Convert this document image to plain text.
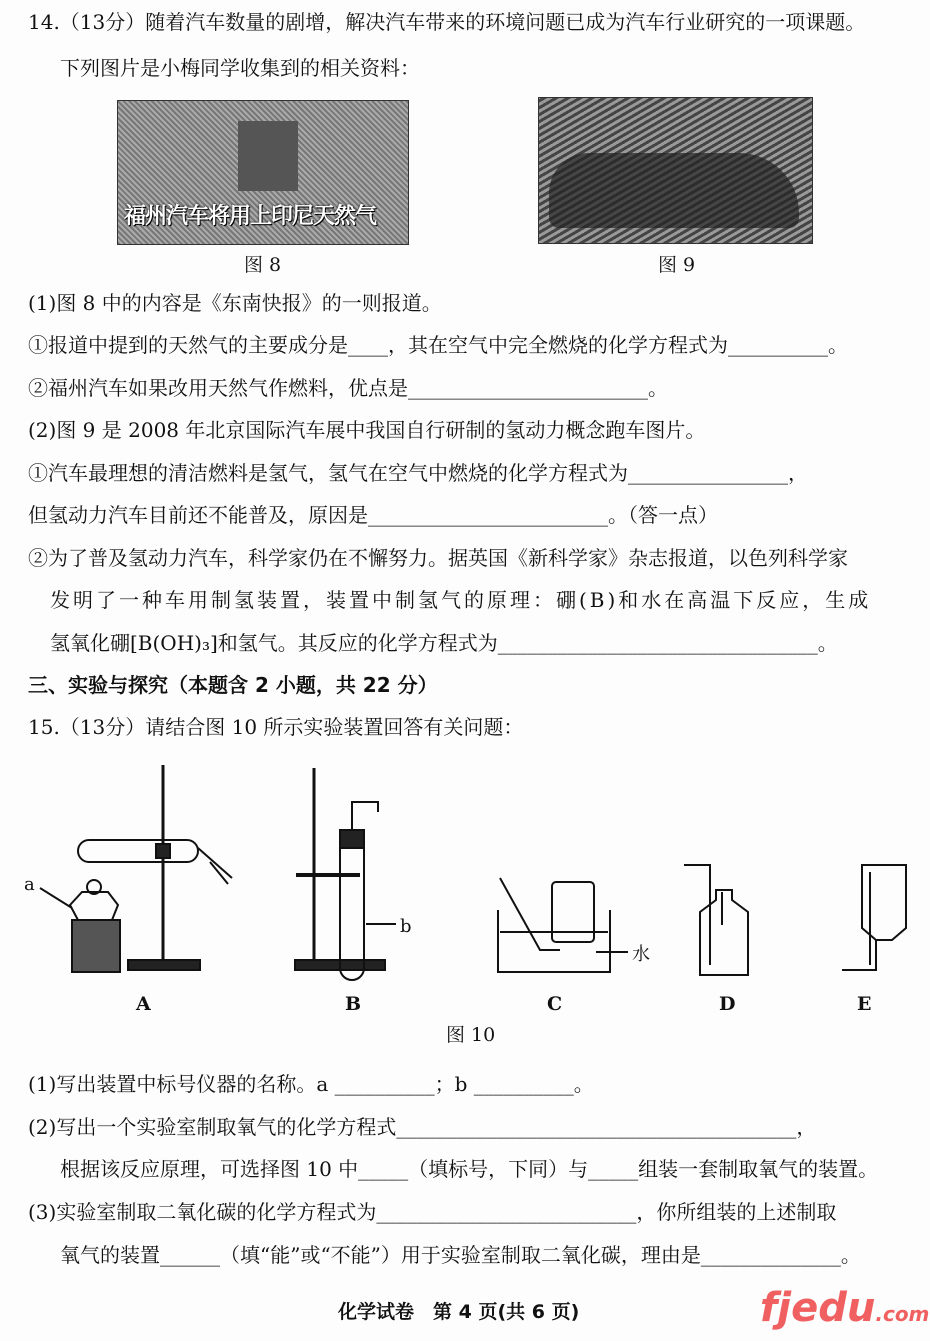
14.（13分）随着汽车数量的剧增，解决汽车带来的环境问题已成为汽车行业研究的一项课题。
下列图片是小梅同学收集到的相关资料：
福州汽车将用上印尼天然气
图 8	图 9
(1)图 8 中的内容是《东南快报》的一则报道。
①报道中提到的天然气的主要成分是____，其在空气中完全燃烧的化学方程式为__________。
②福州汽车如果改用天然气作燃料，优点是________________________。
(2)图 9 是 2008 年北京国际汽车展中我国自行研制的氢动力概念跑车图片。
①汽车最理想的清洁燃料是氢气，氢气在空气中燃烧的化学方程式为________________，
但氢动力汽车目前还不能普及，原因是________________________。（答一点）
②为了普及氢动力汽车，科学家仍在不懈努力。据英国《新科学家》杂志报道，以色列科学家
发明了一种车用制氢装置，装置中制氢气的原理：硼(B)和水在高温下反应，生成
氢氧化硼[B(OH)₃]和氢气。其反应的化学方程式为________________________________。
三、实验与探究（本题含 2 小题，共 22 分）
15.（13分）请结合图 10 所示实验装置回答有关问题：
a
b
水
A	B	C	D	E
图 10
(1)写出装置中标号仪器的名称。a __________；b __________。
(2)写出一个实验室制取氧气的化学方程式________________________________________，
根据该反应原理，可选择图 10 中_____（填标号，下同）与_____组装一套制取氧气的装置。
(3)实验室制取二氧化碳的化学方程式为__________________________，你所组装的上述制取
氧气的装置______（填“能”或“不能”）用于实验室制取二氧化碳，理由是______________。
化学试卷　第 4 页(共 6 页)	fjedu.com
